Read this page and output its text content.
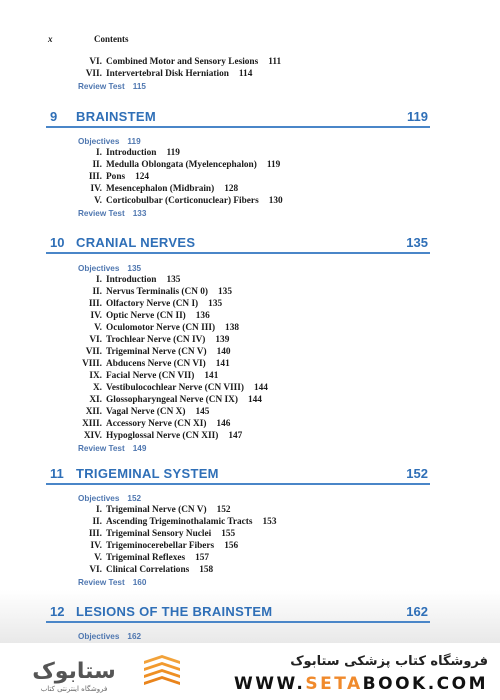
x	Contents
VI. Combined Motor and Sensory Lesions 111
VII. Intervertebral Disk Herniation 114
Review Test 115
9 BRAINSTEM	119
Objectives 119
I. Introduction 119
II. Medulla Oblongata (Myelencephalon) 119
III. Pons 124
IV. Mesencephalon (Midbrain) 128
V. Corticobulbar (Corticonuclear) Fibers 130
Review Test 133
10 CRANIAL NERVES	135
Objectives 135
I. Introduction 135
II. Nervus Terminalis (CN 0) 135
III. Olfactory Nerve (CN I) 135
IV. Optic Nerve (CN II) 136
V. Oculomotor Nerve (CN III) 138
VI. Trochlear Nerve (CN IV) 139
VII. Trigeminal Nerve (CN V) 140
VIII. Abducens Nerve (CN VI) 141
IX. Facial Nerve (CN VII) 141
X. Vestibulocochlear Nerve (CN VIII) 144
XI. Glossopharyngeal Nerve (CN IX) 144
XII. Vagal Nerve (CN X) 145
XIII. Accessory Nerve (CN XI) 146
XIV. Hypoglossal Nerve (CN XII) 147
Review Test 149
11 TRIGEMINAL SYSTEM	152
Objectives 152
I. Trigeminal Nerve (CN V) 152
II. Ascending Trigeminothalamic Tracts 153
III. Trigeminal Sensory Nuclei 155
IV. Trigeminocerebellar Fibers 156
V. Trigeminal Reflexes 157
VI. Clinical Correlations 158
Review Test 160
12 LESIONS OF THE BRAINSTEM	162
Objectives 162
ستابوک
فروشگاه اینترنتی کتاب
فروشگاه کتاب پزشکی ستابوک
WWW.SETABOOK.COM
